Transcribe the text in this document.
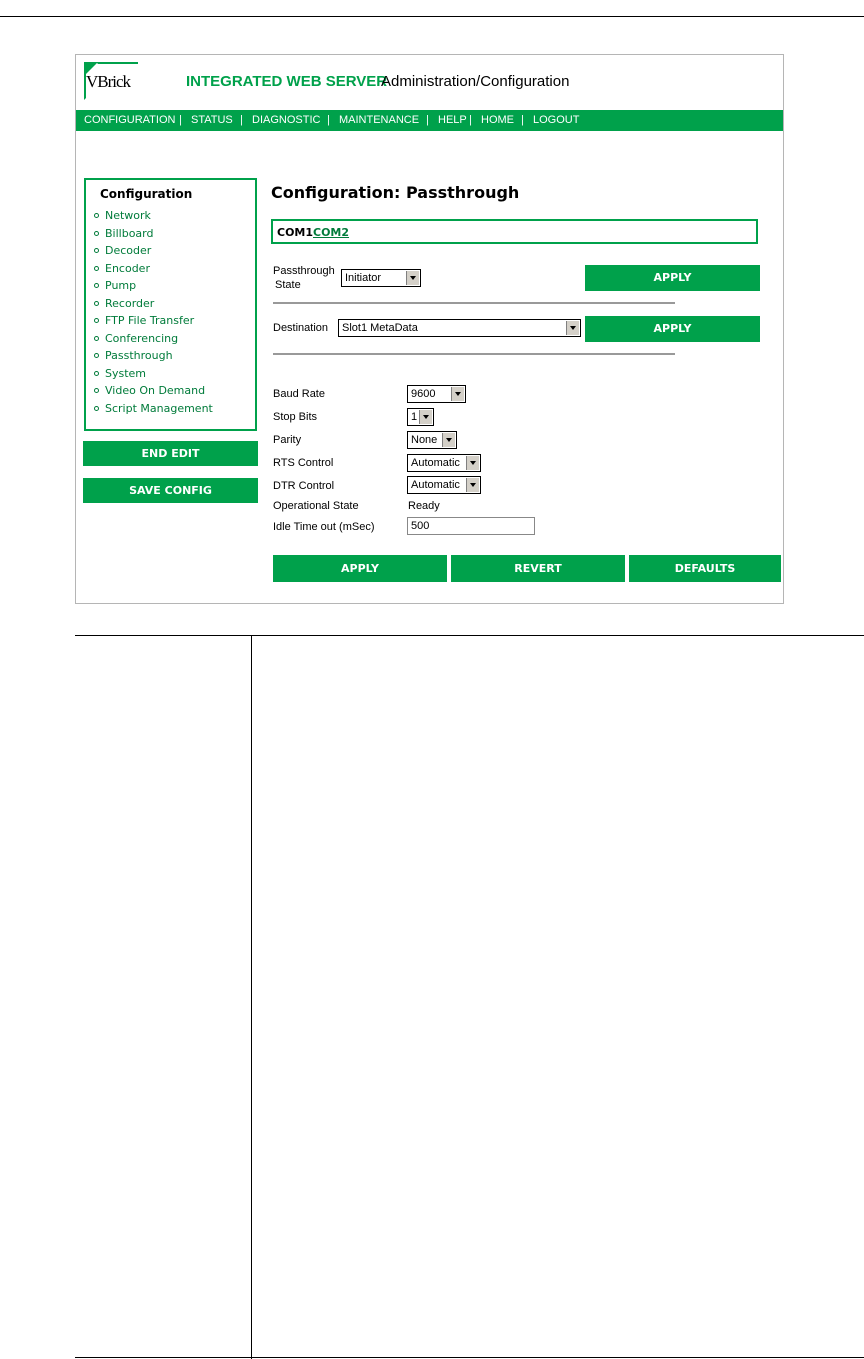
VBrick	INTEGRATED WEB SERVER
Administration/Configuration
CONFIGURATION | STATUS | DIAGNOSTIC | MAINTENANCE | HELP | HOME | LOGOUT
Configuration
Network
Billboard
Decoder
Encoder
Pump
Recorder
FTP File Transfer
Conferencing
Passthrough
System
Video On Demand
Script Management
END EDIT
SAVE CONFIG
Configuration: Passthrough
COM1 COM2
Passthrough
State
Initiator	APPLY
Destination	Slot1 MetaData	APPLY
Baud Rate	9600
Stop Bits	1
Parity	None
RTS Control	Automatic
DTR Control	Automatic
Operational State	Ready
Idle Time out (mSec)	500
APPLY	REVERT	DEFAULTS
